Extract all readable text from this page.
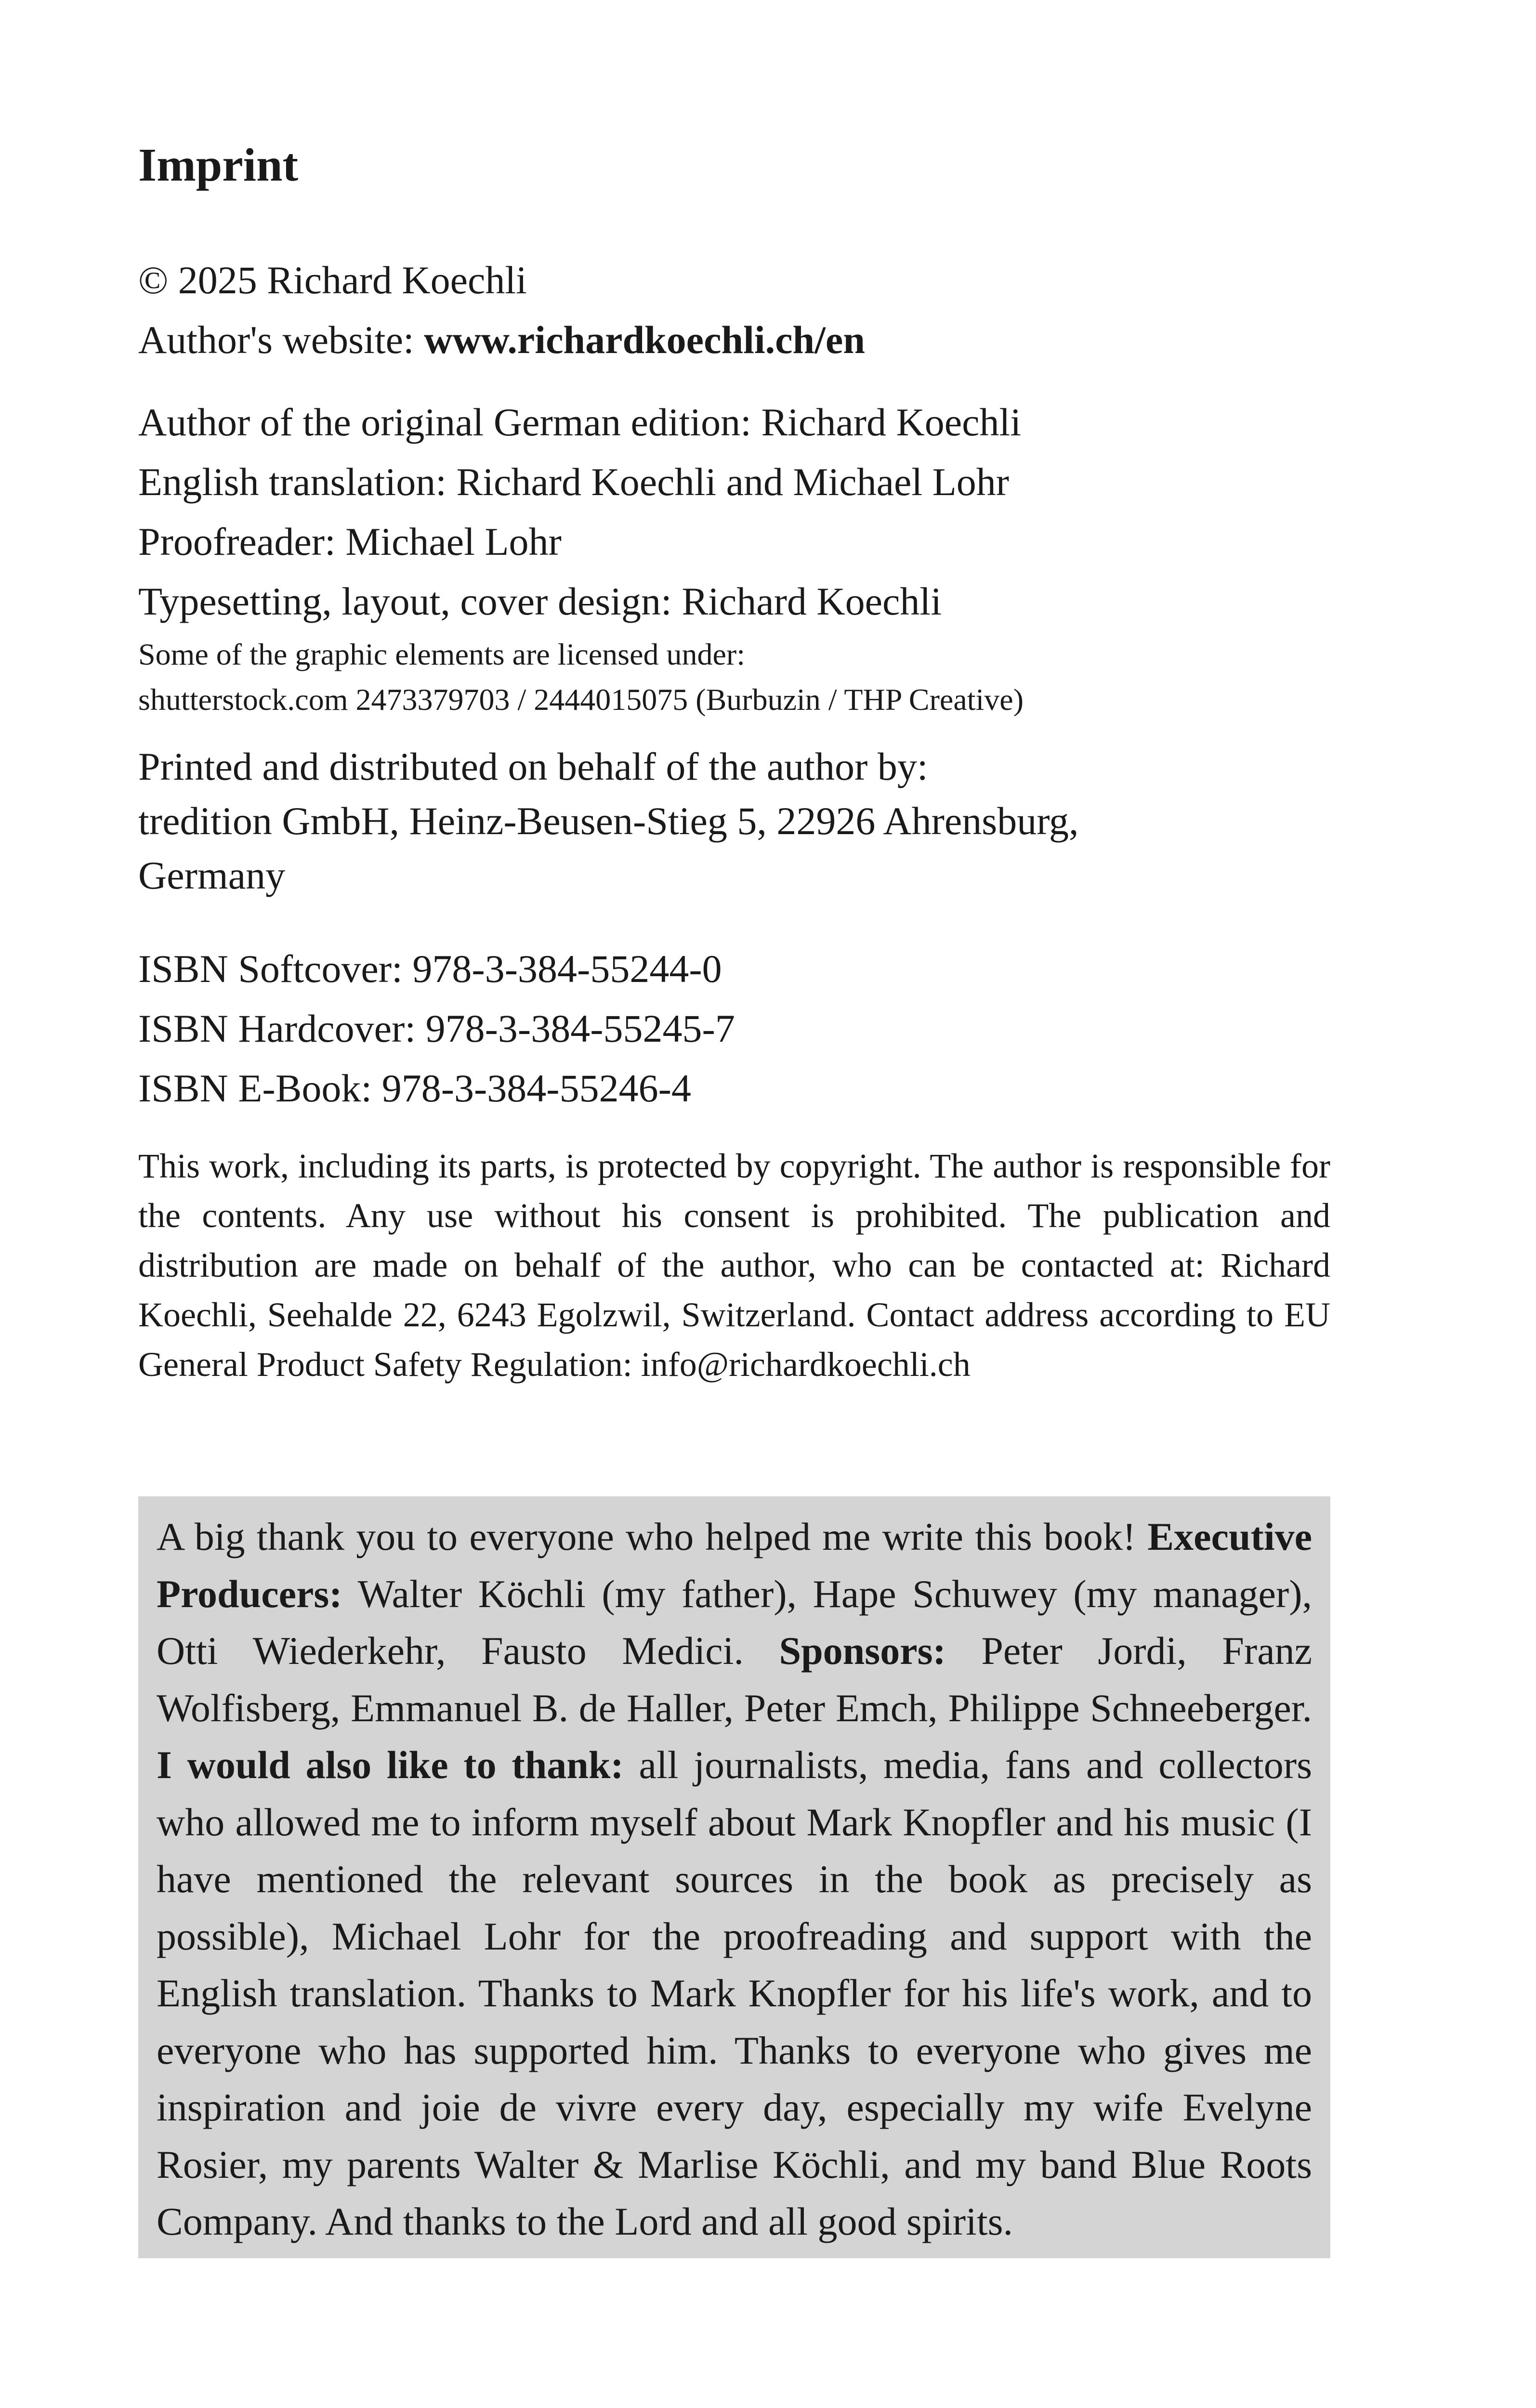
Imprint

© 2025 Richard Koechli

Author's website: www.richardkoechli.ch/en

Author of the original German edition: Richard Koechli

English translation: Richard Koechli and Michael Lohr

Proofreader: Michael Lohr

Typesetting, layout, cover design: Richard Koechli

Some of the graphic elements are licensed under:

shutterstock.com 2473379703 / 2444015075 (Burbuzin / THP Creative)

Printed and distributed on behalf of the author by:

tredition GmbH, Heinz-Beusen-Stieg 5, 22926 Ahrensburg,

Germany

ISBN Softcover: 978-3-384-55244-0

ISBN Hardcover: 978-3-384-55245-7

ISBN E-Book: 978-3-384-55246-4

This work, including its parts, is protected by copyright. The author is responsible for the contents. Any use without his consent is prohibited. The publication and distribution are made on behalf of the author, who can be contacted at: Richard Koechli, Seehalde 22, 6243 Egolzwil, Switzerland. Contact address according to EU General Product Safety Regulation: info@richardkoechli.ch

A big thank you to everyone who helped me write this book! Executive Producers: Walter Köchli (my father), Hape Schuwey (my manager), Otti Wiederkehr, Fausto Medici. Sponsors: Peter Jordi, Franz Wolfisberg, Emmanuel B. de Haller, Peter Emch, Philippe Schneeberger. I would also like to thank: all journalists, media, fans and collectors who allowed me to inform myself about Mark Knopfler and his music (I have mentioned the relevant sources in the book as precisely as possible), Michael Lohr for the proofreading and support with the English translation. Thanks to Mark Knopfler for his life's work, and to everyone who has supported him. Thanks to everyone who gives me inspiration and joie de vivre every day, especially my wife Evelyne Rosier, my parents Walter & Marlise Köchli, and my band Blue Roots Company. And thanks to the Lord and all good spirits.
